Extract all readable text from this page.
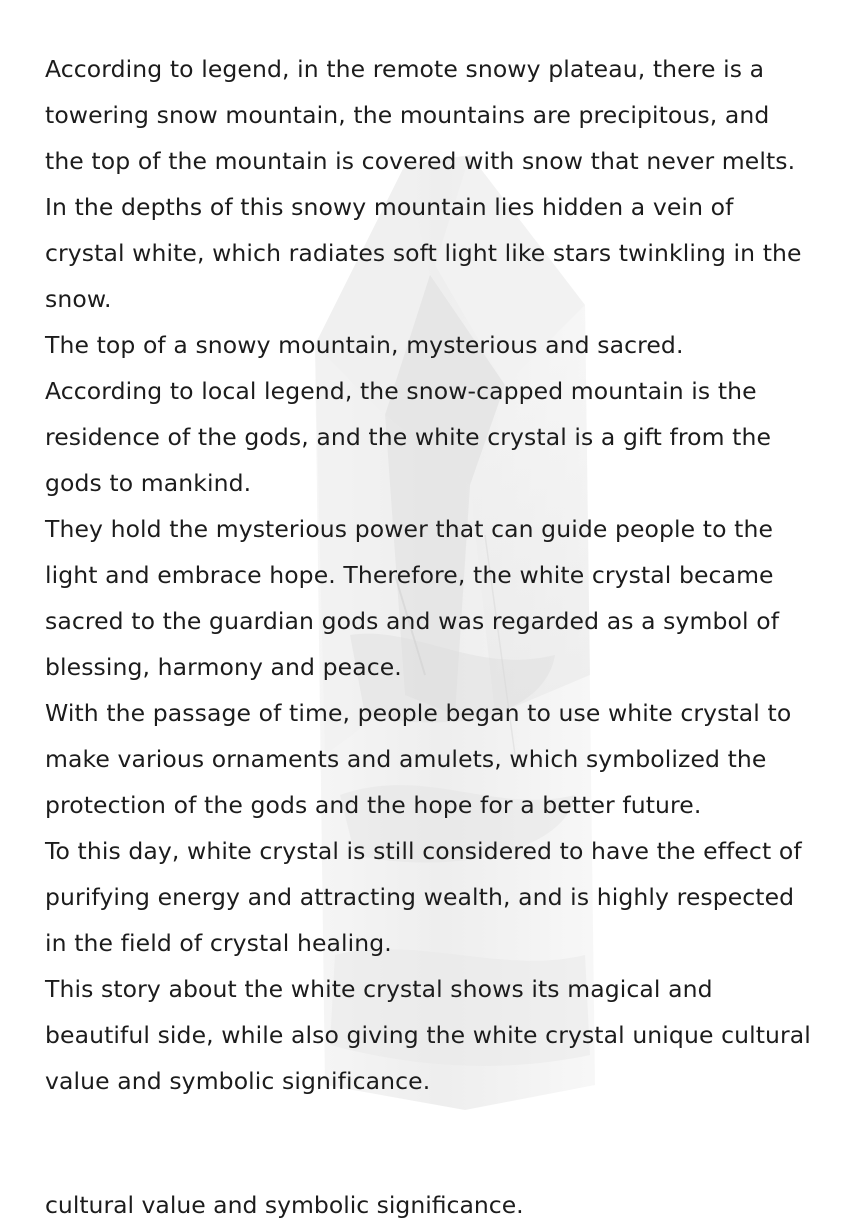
According to legend, in the remote snowy plateau, there is a towering snow mountain, the mountains are precipitous, and the top of the mountain is covered with snow that never melts.

In the depths of this snowy mountain lies hidden a vein of crystal white, which radiates soft light like stars twinkling in the snow.

The top of a snowy mountain, mysterious and sacred.

According to local legend, the snow-capped mountain is the residence of the gods, and the white crystal is a gift from the gods to mankind.

They hold the mysterious power that can guide people to the light and embrace hope. Therefore, the white crystal became sacred to the guardian gods and was regarded as a symbol of blessing, harmony and peace.

With the passage of time, people began to use white crystal to make various ornaments and amulets, which symbolized the protection of the gods and the hope for a better future.

To this day, white crystal is still considered to have the effect of purifying energy and attracting wealth, and is highly respected in the field of crystal healing.

This story about the white crystal shows its magical and beautiful side, while also giving the white crystal unique cultural value and symbolic significance.

cultural value and symbolic significance.
